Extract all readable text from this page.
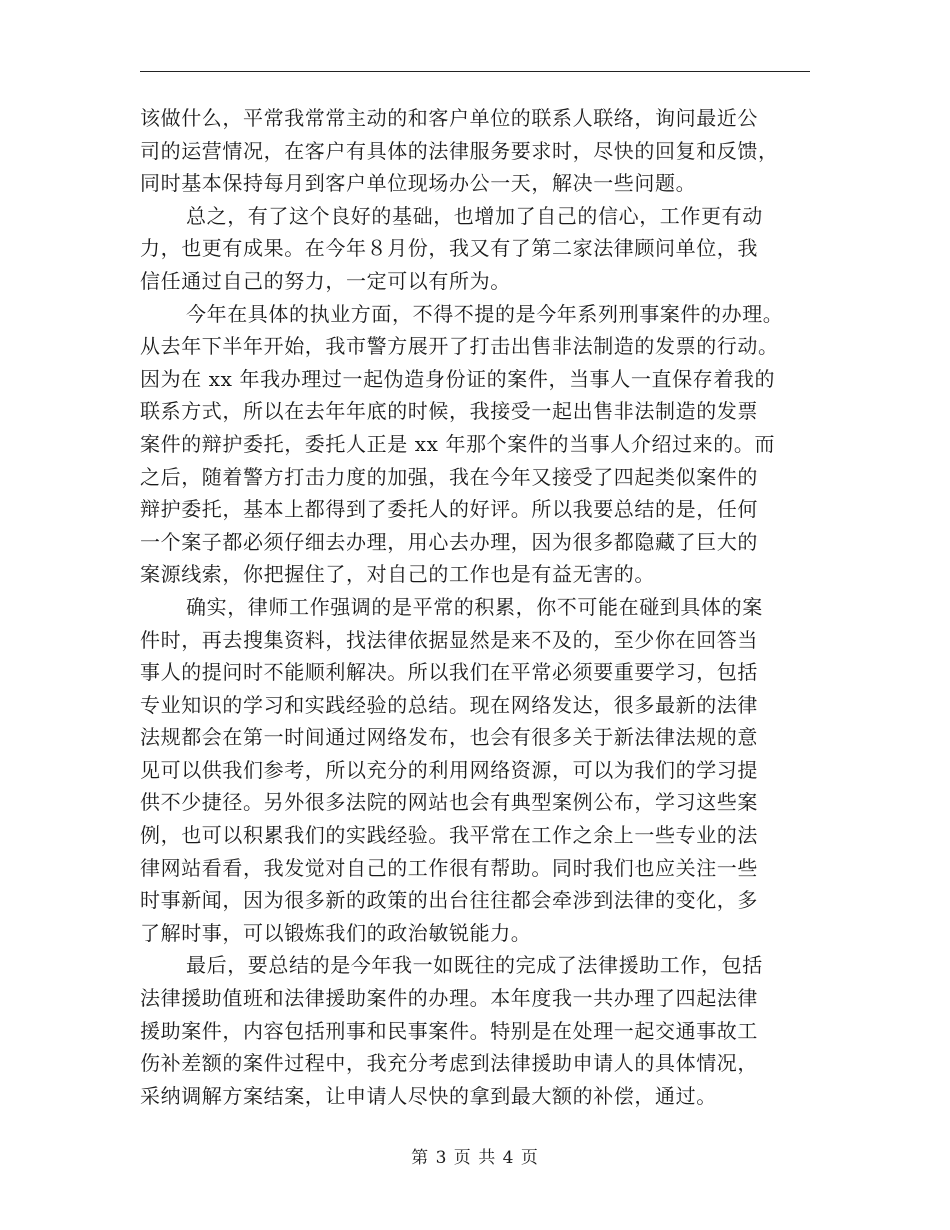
该做什么，平常我常常主动的和客户单位的联系人联络，询问最近公
司的运营情况，在客户有具体的法律服务要求时，尽快的回复和反馈，
同时基本保持每月到客户单位现场办公一天，解决一些问题。
总之，有了这个良好的基础，也增加了自己的信心，工作更有动
力，也更有成果。在今年８月份，我又有了第二家法律顾问单位，我
信任通过自己的努力，一定可以有所为。
今年在具体的执业方面，不得不提的是今年系列刑事案件的办理。
从去年下半年开始，我市警方展开了打击出售非法制造的发票的行动。
因为在 xx 年我办理过一起伪造身份证的案件，当事人一直保存着我的
联系方式，所以在去年年底的时候，我接受一起出售非法制造的发票
案件的辩护委托，委托人正是 xx 年那个案件的当事人介绍过来的。而
之后，随着警方打击力度的加强，我在今年又接受了四起类似案件的
辩护委托，基本上都得到了委托人的好评。所以我要总结的是，任何
一个案子都必须仔细去办理，用心去办理，因为很多都隐藏了巨大的
案源线索，你把握住了，对自己的工作也是有益无害的。
确实，律师工作强调的是平常的积累，你不可能在碰到具体的案
件时，再去搜集资料，找法律依据显然是来不及的，至少你在回答当
事人的提问时不能顺利解决。所以我们在平常必须要重要学习，包括
专业知识的学习和实践经验的总结。现在网络发达，很多最新的法律
法规都会在第一时间通过网络发布，也会有很多关于新法律法规的意
见可以供我们参考，所以充分的利用网络资源，可以为我们的学习提
供不少捷径。另外很多法院的网站也会有典型案例公布，学习这些案
例，也可以积累我们的实践经验。我平常在工作之余上一些专业的法
律网站看看，我发觉对自己的工作很有帮助。同时我们也应关注一些
时事新闻，因为很多新的政策的出台往往都会牵涉到法律的变化，多
了解时事，可以锻炼我们的政治敏锐能力。
最后，要总结的是今年我一如既往的完成了法律援助工作，包括
法律援助值班和法律援助案件的办理。本年度我一共办理了四起法律
援助案件，内容包括刑事和民事案件。特别是在处理一起交通事故工
伤补差额的案件过程中，我充分考虑到法律援助申请人的具体情况，
采纳调解方案结案，让申请人尽快的拿到最大额的补偿，通过。
第 3 页 共 4 页
